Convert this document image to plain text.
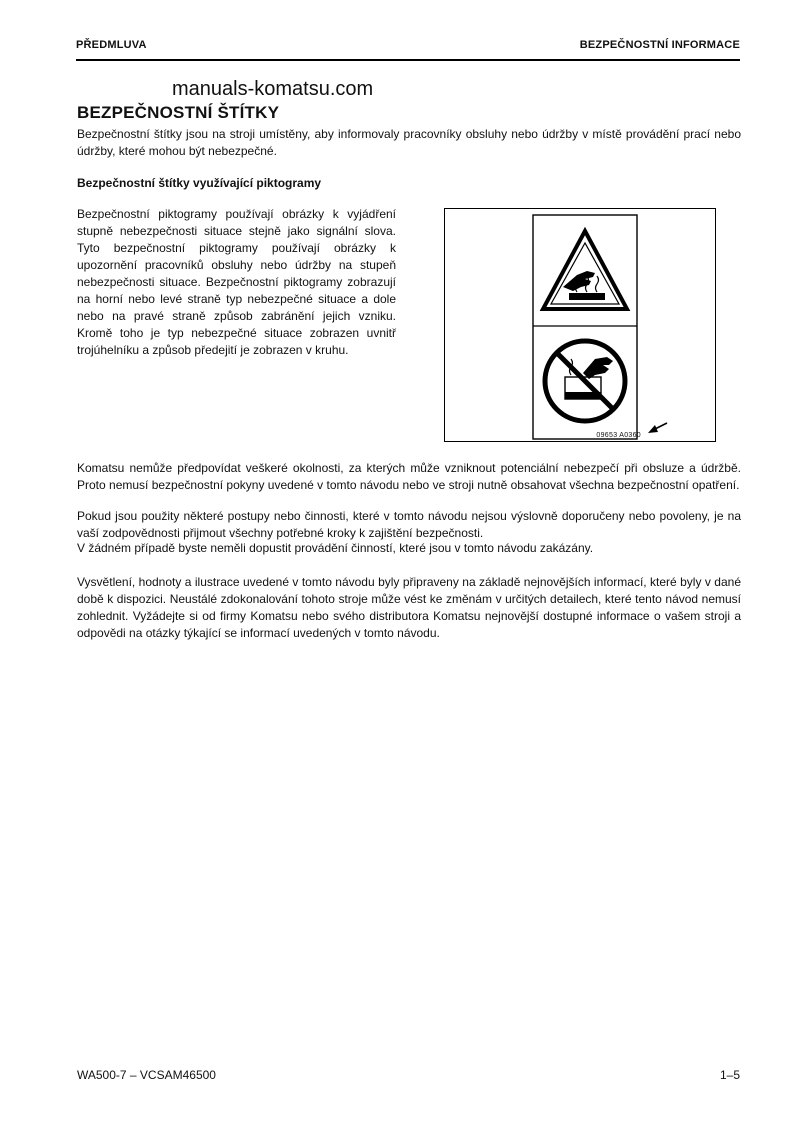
PŘEDMLUVA	BEZPEČNOSTNÍ INFORMACE
manuals-komatsu.com
BEZPEČNOSTNÍ ŠTÍTKY

Bezpečnostní štítky jsou na stroji umístěny, aby informovaly pracovníky obsluhy nebo údržby v místě provádění prací nebo údržby, které mohou být nebezpečné.

Bezpečnostní štítky využívající piktogramy

Bezpečnostní piktogramy používají obrázky k vyjádření stupně nebezpečnosti situace stejně jako signální slova. Tyto bezpečnostní piktogramy používají obrázky k upozornění pracovníků obsluhy nebo údržby na stupeň nebezpečnosti situace. Bezpečnostní piktogramy zobrazují na horní nebo levé straně typ nebezpečné situace a dole nebo na pravé straně způsob zabránění jejich vzniku. Kromě toho je typ nebezpečné situace zobrazen uvnitř trojúhelníku a způsob předejití je zobrazen v kruhu.

09653 A0360

Komatsu nemůže předpovídat veškeré okolnosti, za kterých může vzniknout potenciální nebezpečí při obsluze a údržbě. Proto nemusí bezpečnostní pokyny uvedené v tomto návodu nebo ve stroji nutně obsahovat všechna bezpečnostní opatření.

Pokud jsou použity některé postupy nebo činnosti, které v tomto návodu nejsou výslovně doporučeny nebo povoleny, je na vaší zodpovědnosti přijmout všechny potřebné kroky k zajištění bezpečnosti.

V žádném případě byste neměli dopustit provádění činností, které jsou v tomto návodu zakázány.

Vysvětlení, hodnoty a ilustrace uvedené v tomto návodu byly připraveny na základě nejnovějších informací, které byly v dané době k dispozici. Neustálé zdokonalování tohoto stroje může vést ke změnám v určitých detailech, které tento návod nemusí zohlednit. Vyžádejte si od firmy Komatsu nebo svého distributora Komatsu nejnovější dostupné informace o vašem stroji a odpovědi na otázky týkající se informací uvedených v tomto návodu.

WA500-7 – VCSAM46500	1–5
